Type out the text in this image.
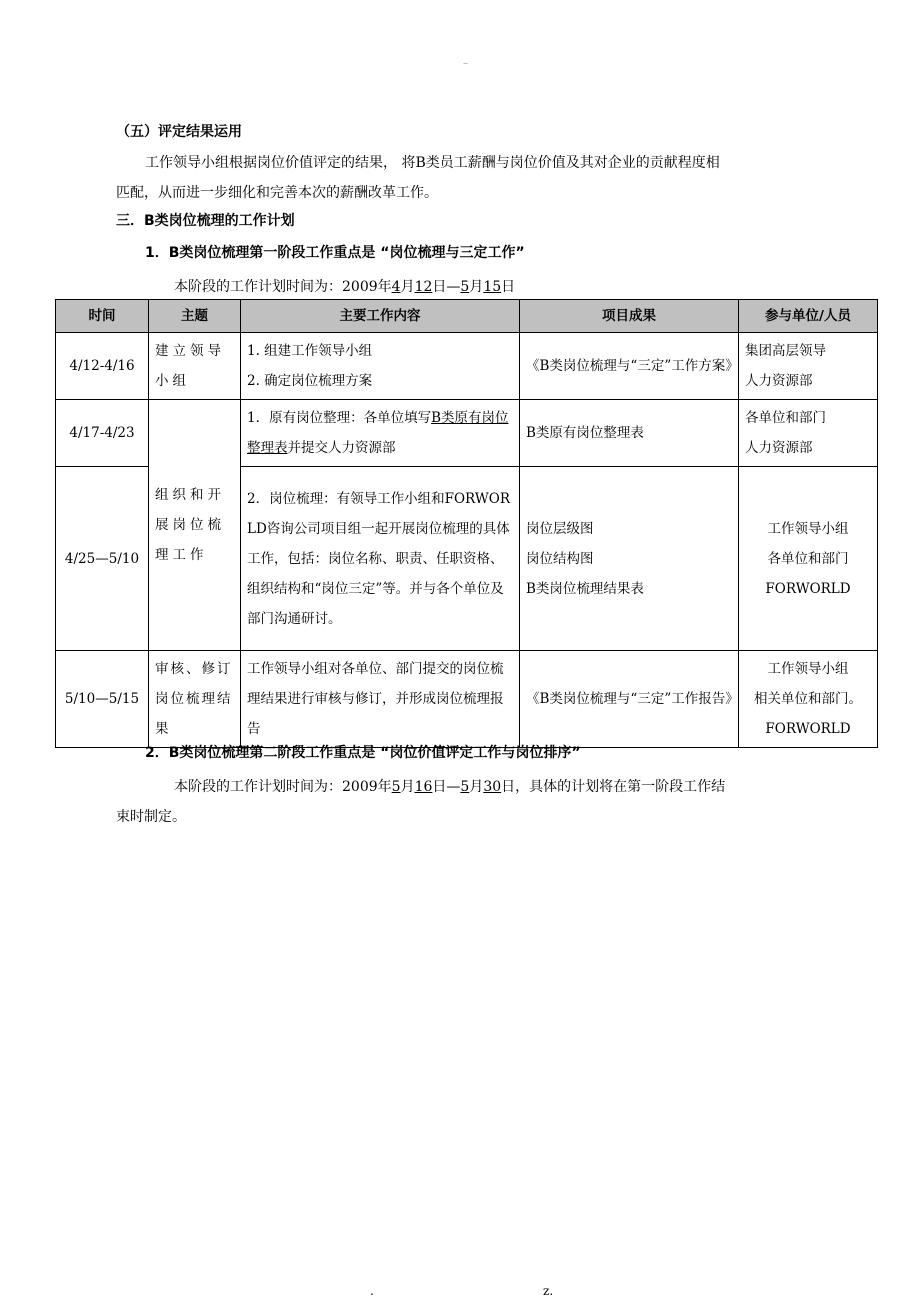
–
（五）评定结果运用
工作领导小组根据岗位价值评定的结果， 将B类员工薪酬与岗位价值及其对企业的贡献程度相
匹配，从而进一步细化和完善本次的薪酬改革工作。
三．B类岗位梳理的工作计划
1．B类岗位梳理第一阶段工作重点是 “岗位梳理与三定工作”
本阶段的工作计划时间为：2009年4月12日—5月15日
时间	主题	主要工作内容	项目成果	参与单位/人员
4/12-4/16	建立领导小组	1. 组建工作领导小组
2. 确定岗位梳理方案	《B类岗位梳理与“三定”工作方案》	集团高层领导
人力资源部

4/17-4/23	组织和开展岗位梳理工作	1．原有岗位整理：各单位填写B类原有岗位整理表并提交人力资源部	B类原有岗位整理表	各单位和部门
人力资源部

4/25—5/10		2．岗位梳理：有领导工作小组和FORWORLD咨询公司项目组一起开展岗位梳理的具体工作，包括：岗位名称、职责、任职资格、组织结构和“岗位三定”等。并与各个单位及部门沟通研讨。	岗位层级图
岗位结构图
B类岗位梳理结果表	工作领导小组
各单位和部门
FORWORLD

5/10—5/15	审核、修订岗位梳理结果	工作领导小组对各单位、部门提交的岗位梳理结果进行审核与修订，并形成岗位梳理报告	《B类岗位梳理与“三定”工作报告》	工作领导小组
相关单位和部门。
FORWORLD
2．B类岗位梳理第二阶段工作重点是 “岗位价值评定工作与岗位排序”
本阶段的工作计划时间为：2009年5月16日—5月30日，具体的计划将在第一阶段工作结
束时制定。
.	z.
